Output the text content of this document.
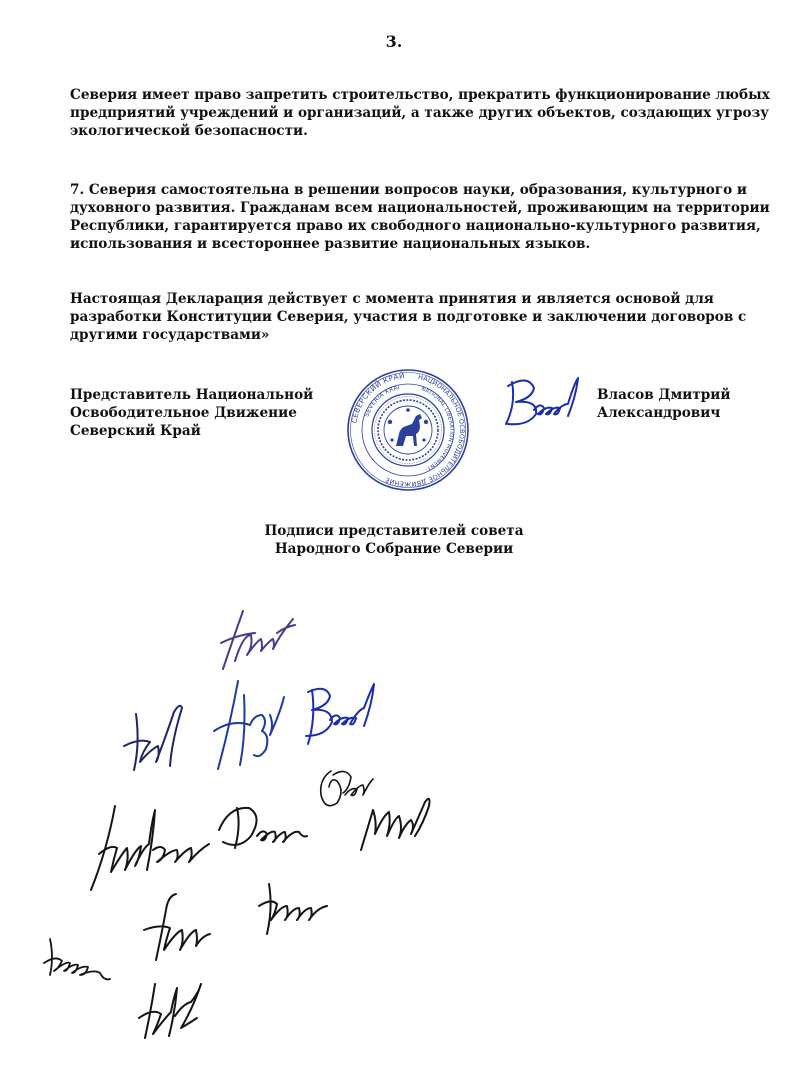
3.

Северия имеет право запретить строительство, прекратить функционирование любых
предприятий учреждений и организаций, а также других объектов, создающих угрозу
экологической безопасности.

7. Северия самостоятельна в решении вопросов науки, образования, культурного и
духовного развития. Гражданам всем национальностей, проживающим на территории
Республики, гарантируется право их свободного национально-культурного развития,
использования и всестороннее развитие национальных языков.

Настоящая Декларация действует с момента принятия и является основой для
разработки Конституции Северия, участия в подготовке и заключении договоров с
другими государствами»

Представитель Национальной
Освободительное Движение
Северский Край
СЕВЕРСКИЙ КРАЙ	НАЦИОНАЛЬНОЕ ОСВОБОДИТЕЛЬНОЕ ДВИЖЕНИЕ
SEVERIA KRAI	NATIONAL LIBERATION MOVEMENT
Власов Дмитрий
Александрович
Подписи представителей совета
Народного Собрание Северии
